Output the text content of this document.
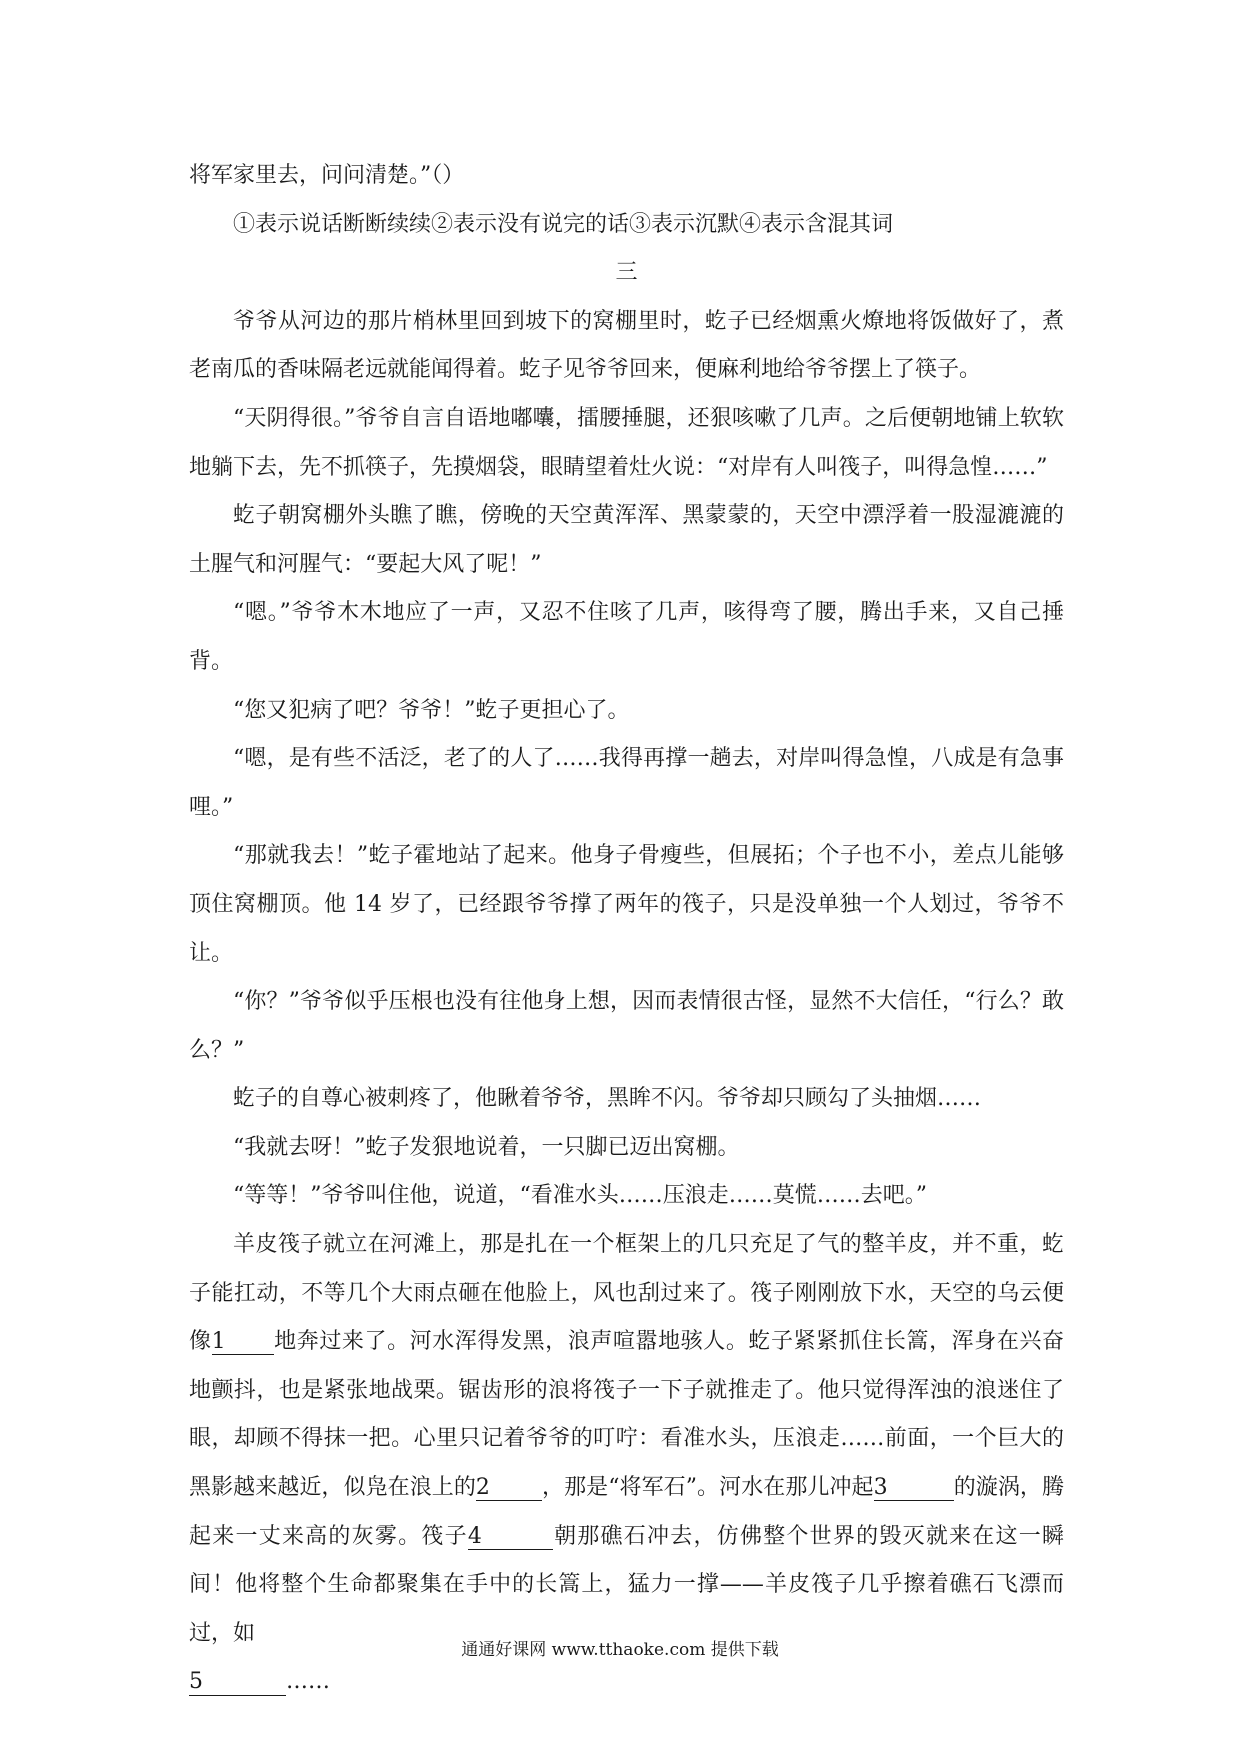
将军家里去，问问清楚。”（）

①表示说话断断续续②表示没有说完的话③表示沉默④表示含混其词

三

爷爷从河边的那片梢林里回到坡下的窝棚里时，虼子已经烟熏火燎地将饭做好了，煮老南瓜的香味隔老远就能闻得着。虼子见爷爷回来，便麻利地给爷爷摆上了筷子。

“天阴得很。”爷爷自言自语地嘟囔，擂腰捶腿，还狠咳嗽了几声。之后便朝地铺上软软地躺下去，先不抓筷子，先摸烟袋，眼睛望着灶火说：“对岸有人叫筏子，叫得急惶……”

虼子朝窝棚外头瞧了瞧，傍晚的天空黄浑浑、黑蒙蒙的，天空中漂浮着一股湿漉漉的土腥气和河腥气：“要起大风了呢！”

“嗯。”爷爷木木地应了一声，又忍不住咳了几声，咳得弯了腰，腾出手来，又自己捶背。

“您又犯病了吧？爷爷！”虼子更担心了。

“嗯，是有些不活泛，老了的人了……我得再撑一趟去，对岸叫得急惶，八成是有急事哩。”

“那就我去！”虼子霍地站了起来。他身子骨瘦些，但展拓；个子也不小，差点儿能够顶住窝棚顶。他 14 岁了，已经跟爷爷撑了两年的筏子，只是没单独一个人划过，爷爷不让。

“你？”爷爷似乎压根也没有往他身上想，因而表情很古怪，显然不大信任，“行么？敢么？”

虼子的自尊心被刺疼了，他瞅着爷爷，黑眸不闪。爷爷却只顾勾了头抽烟……

“我就去呀！”虼子发狠地说着，一只脚已迈出窝棚。

“等等！”爷爷叫住他，说道，“看准水头……压浪走……莫慌……去吧。”

羊皮筏子就立在河滩上，那是扎在一个框架上的几只充足了气的整羊皮，并不重，虼子能扛动，不等几个大雨点砸在他脸上，风也刮过来了。筏子刚刚放下水，天空的乌云便像1 地奔过来了。河水浑得发黑，浪声喧嚣地骇人。虼子紧紧抓住长篙，浑身在兴奋地颤抖，也是紧张地战栗。锯齿形的浪将筏子一下子就推走了。他只觉得浑浊的浪迷住了眼，却顾不得抹一把。心里只记着爷爷的叮咛：看准水头，压浪走……前面，一个巨大的黑影越来越近，似凫在浪上的2 ，那是“将军石”。河水在那儿冲起3	的漩涡，腾起来一丈来高的灰雾。筏子4	朝那礁石冲去，仿佛整个世界的毁灭就来在这一瞬间！他将整个生命都聚集在手中的长篙上，猛力一撑——羊皮筏子几乎擦着礁石飞漂而过，如
5	……

通通好课网 www.tthaoke.com 提供下载
